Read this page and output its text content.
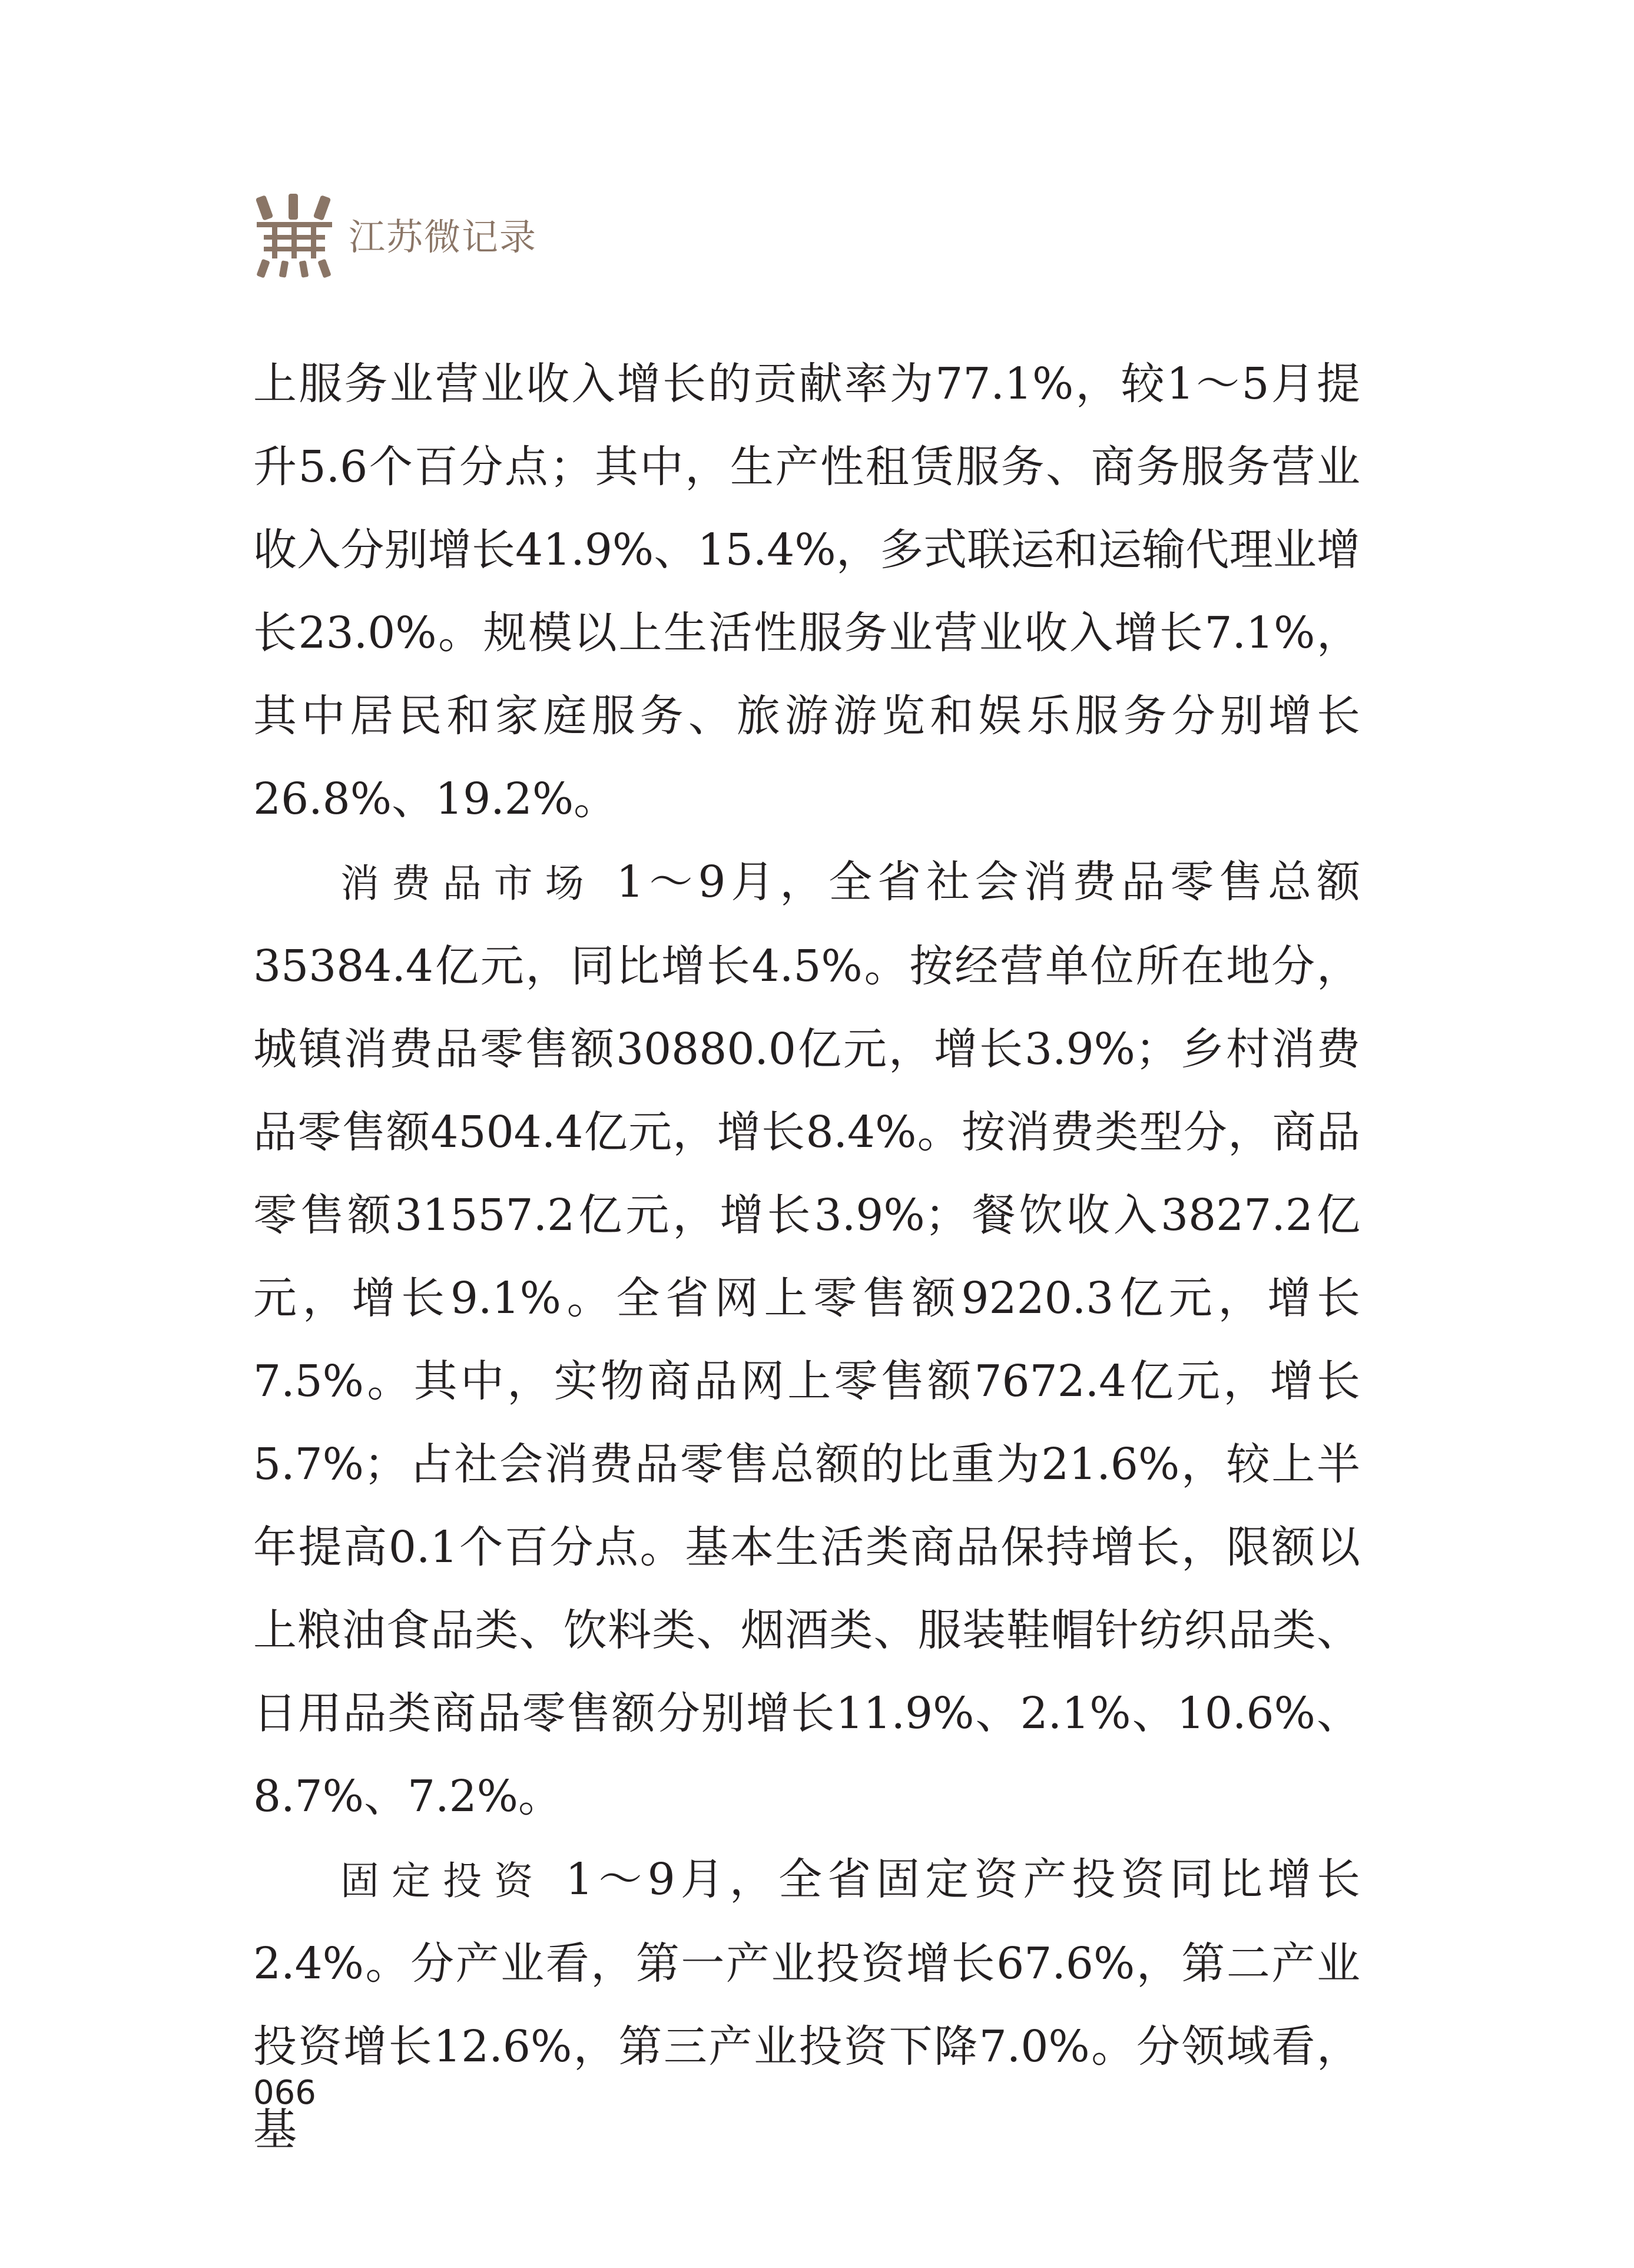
江苏微记录

上服务业营业收入增长的贡献率为77.1%，较1～5月提升5.6个百分点；其中，生产性租赁服务、商务服务营业收入分别增长41.9%、15.4%，多式联运和运输代理业增长23.0%。规模以上生活性服务业营业收入增长7.1%，其中居民和家庭服务、旅游游览和娱乐服务分别增长26.8%、19.2%。

消费品市场 1～9月，全省社会消费品零售总额35384.4亿元，同比增长4.5%。按经营单位所在地分，城镇消费品零售额30880.0亿元，增长3.9%；乡村消费品零售额4504.4亿元，增长8.4%。按消费类型分，商品零售额31557.2亿元，增长3.9%；餐饮收入3827.2亿元，增长9.1%。全省网上零售额9220.3亿元，增长7.5%。其中，实物商品网上零售额7672.4亿元，增长5.7%；占社会消费品零售总额的比重为21.6%，较上半年提高0.1个百分点。基本生活类商品保持增长，限额以上粮油食品类、饮料类、烟酒类、服装鞋帽针纺织品类、日用品类商品零售额分别增长11.9%、2.1%、10.6%、8.7%、7.2%。

固定投资 1～9月，全省固定资产投资同比增长2.4%。分产业看，第一产业投资增长67.6%，第二产业投资增长12.6%，第三产业投资下降7.0%。分领域看，基

066
